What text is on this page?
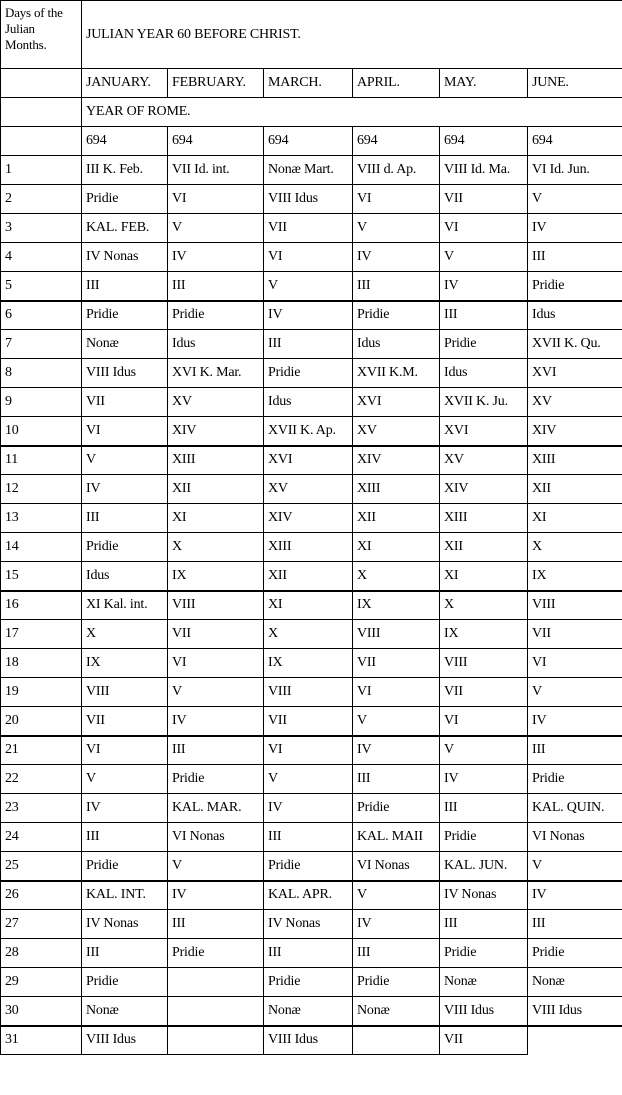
Days of the Julian Months.	JULIAN YEAR 60 BEFORE CHRIST.					
	JANUARY.	FEBRUARY.	MARCH.	APRIL.	MAY.	JUNE.
	YEAR OF ROME.					
	694	694	694	694	694	694
1	III K. Feb.	VII Id. int.	Nonæ Mart.	VIII d. Ap.	VIII Id. Ma.	VI Id. Jun.
2	Pridie	VI	VIII Idus	VI	VII	V
3	KAL. FEB.	V	VII	V	VI	IV
4	IV Nonas	IV	VI	IV	V	III
5	III	III	V	III	IV	Pridie
6	Pridie	Pridie	IV	Pridie	III	Idus
7	Nonæ	Idus	III	Idus	Pridie	XVII K. Qu.
8	VIII Idus	XVI K. Mar.	Pridie	XVII K.M.	Idus	XVI
9	VII	XV	Idus	XVI	XVII K. Ju.	XV
10	VI	XIV	XVII K. Ap.	XV	XVI	XIV
11	V	XIII	XVI	XIV	XV	XIII
12	IV	XII	XV	XIII	XIV	XII
13	III	XI	XIV	XII	XIII	XI
14	Pridie	X	XIII	XI	XII	X
15	Idus	IX	XII	X	XI	IX
16	XI Kal. int.	VIII	XI	IX	X	VIII
17	X	VII	X	VIII	IX	VII
18	IX	VI	IX	VII	VIII	VI
19	VIII	V	VIII	VI	VII	V
20	VII	IV	VII	V	VI	IV
21	VI	III	VI	IV	V	III
22	V	Pridie	V	III	IV	Pridie
23	IV	KAL. MAR.	IV	Pridie	III	KAL. QUIN.
24	III	VI Nonas	III	KAL. MAII	Pridie	VI Nonas
25	Pridie	V	Pridie	VI Nonas	KAL. JUN.	V
26	KAL. INT.	IV	KAL. APR.	V	IV Nonas	IV
27	IV Nonas	III	IV Nonas	IV	III	III
28	III	Pridie	III	III	Pridie	Pridie
29	Pridie		Pridie	Pridie	Nonæ	Nonæ
30	Nonæ		Nonæ	Nonæ	VIII Idus	VIII Idus
31	VIII Idus		VIII Idus		VII	
